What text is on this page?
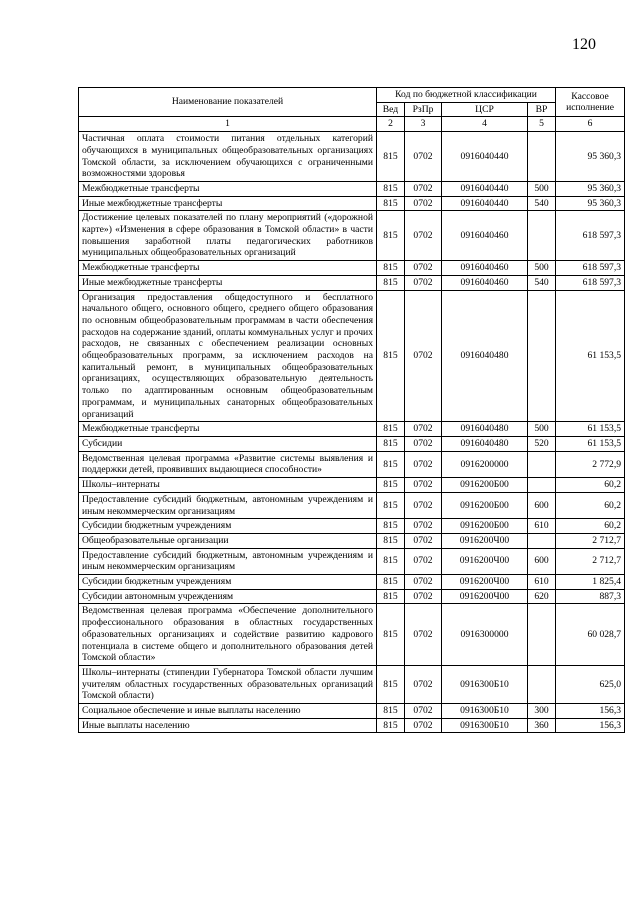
120
Наименование показателей	Код по бюджетной классификации				Кассовое исполнение
	Вед	РзПр	ЦСР	ВР	
1	2	3	4	5	6
Частичная оплата стоимости питания отдельных категорий обучающихся в муниципальных общеобразовательных организациях Томской области, за исключением обучающихся с ограниченными возможностями здоровья	815	0702	0916040440		95 360,3
Межбюджетные трансферты	815	0702	0916040440	500	95 360,3
Иные межбюджетные трансферты	815	0702	0916040440	540	95 360,3
Достижение целевых показателей по плану мероприятий («дорожной карте») «Изменения в сфере образования в Томской области» в части повышения заработной платы педагогических работников муниципальных общеобразовательных организаций	815	0702	0916040460		618 597,3
Межбюджетные трансферты	815	0702	0916040460	500	618 597,3
Иные межбюджетные трансферты	815	0702	0916040460	540	618 597,3
Организация предоставления общедоступного и бесплатного начального общего, основного общего, среднего общего образования по основным общеобразовательным программам в части обеспечения расходов на содержание зданий, оплаты коммунальных услуг и прочих расходов, не связанных с обеспечением реализации основных общеобразовательных программ, за исключением расходов на капитальный ремонт, в муниципальных общеобразовательных организациях, осуществляющих образовательную деятельность только по адаптированным основным общеобразовательным программам, и муниципальных санаторных общеобразовательных организаций	815	0702	0916040480		61 153,5
Межбюджетные трансферты	815	0702	0916040480	500	61 153,5
Субсидии	815	0702	0916040480	520	61 153,5
Ведомственная целевая программа «Развитие системы выявления и поддержки детей, проявивших выдающиеся способности»	815	0702	0916200000		2 772,9
Школы–интернаты	815	0702	0916200Б00		60,2
Предоставление субсидий бюджетным, автономным учреждениям и иным некоммерческим организациям	815	0702	0916200Б00	600	60,2
Субсидии бюджетным учреждениям	815	0702	0916200Б00	610	60,2
Общеобразовательные организации	815	0702	0916200Ч00		2 712,7
Предоставление субсидий бюджетным, автономным учреждениям и иным некоммерческим организациям	815	0702	0916200Ч00	600	2 712,7
Субсидии бюджетным учреждениям	815	0702	0916200Ч00	610	1 825,4
Субсидии автономным учреждениям	815	0702	0916200Ч00	620	887,3
Ведомственная целевая программа «Обеспечение дополнительного профессионального образования в областных государственных образовательных организациях и содействие развитию кадрового потенциала в системе общего и дополнительного образования детей Томской области»	815	0702	0916300000		60 028,7
Школы–интернаты (стипендии Губернатора Томской области лучшим учителям областных государственных образовательных организаций Томской области)	815	0702	0916300Б10		625,0
Социальное обеспечение и иные выплаты населению	815	0702	0916300Б10	300	156,3
Иные выплаты населению	815	0702	0916300Б10	360	156,3
